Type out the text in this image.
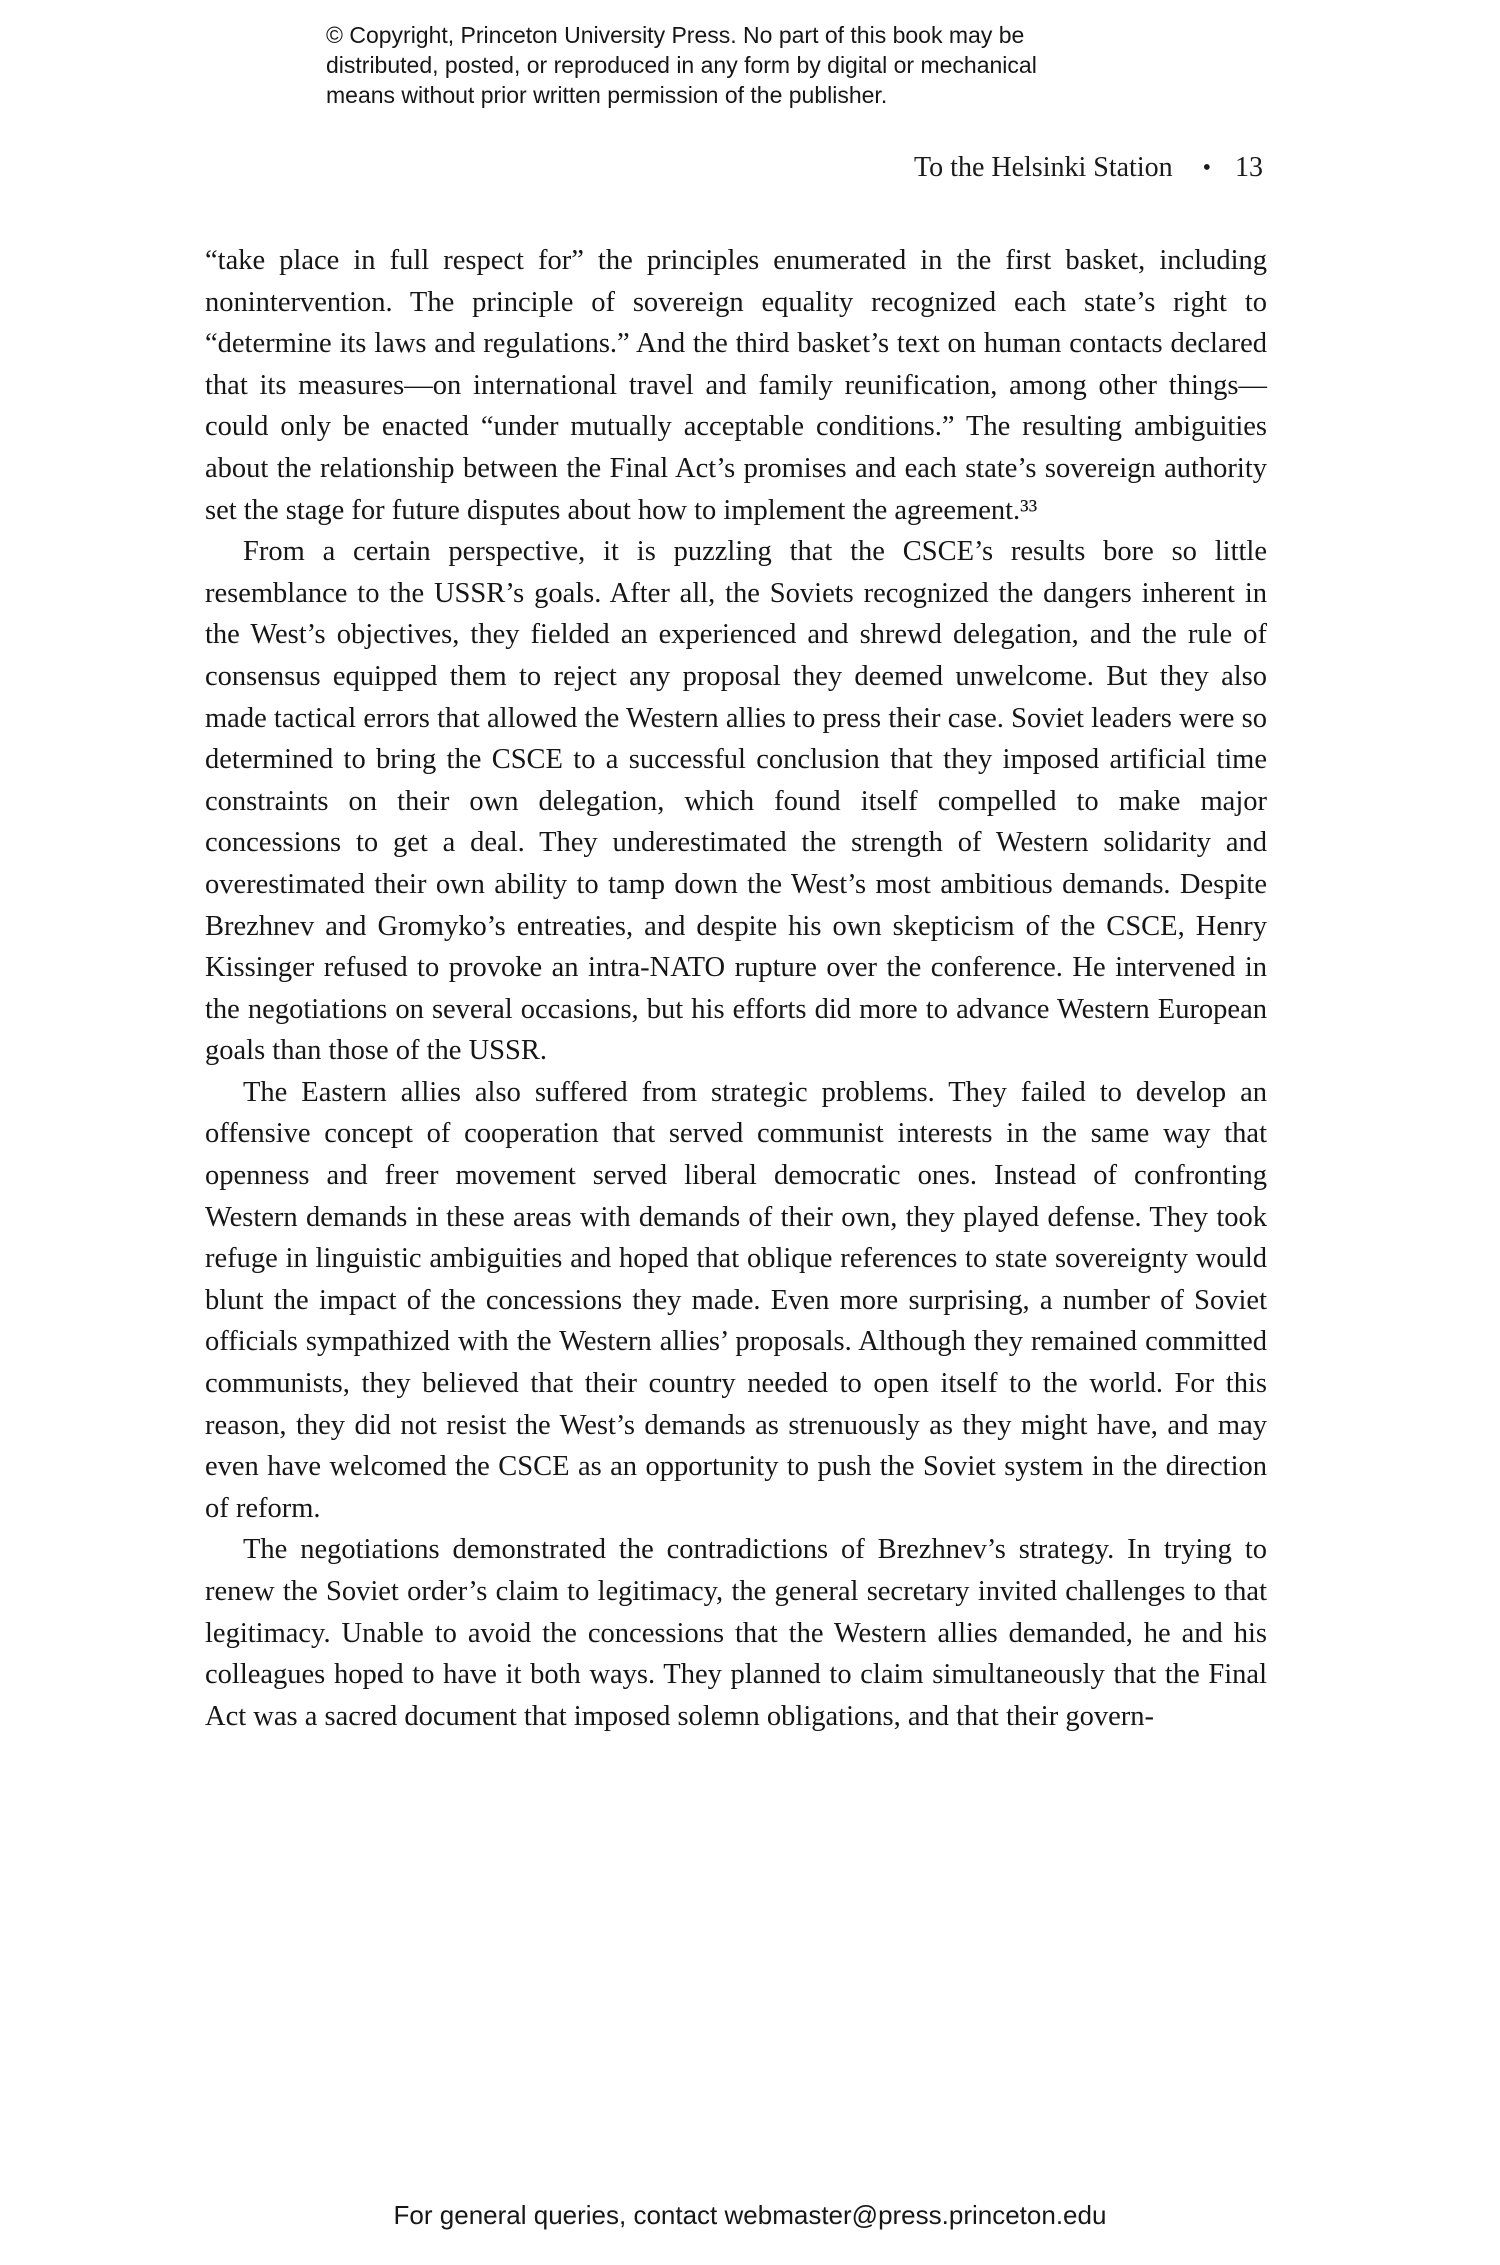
© Copyright, Princeton University Press. No part of this book may be
distributed, posted, or reproduced in any form by digital or mechanical
means without prior written permission of the publisher.
To the Helsinki Station • 13

“take place in full respect for” the principles enumerated in the first basket, including nonintervention. The principle of sovereign equality recognized each state’s right to “determine its laws and regulations.” And the third basket’s text on human contacts declared that its measures—on international travel and family reunification, among other things—could only be enacted “under mutually acceptable conditions.” The resulting ambiguities about the relationship between the Final Act’s promises and each state’s sovereign authority set the stage for future disputes about how to implement the agreement.³³

From a certain perspective, it is puzzling that the CSCE’s results bore so little resemblance to the USSR’s goals. After all, the Soviets recognized the dangers inherent in the West’s objectives, they fielded an experienced and shrewd delegation, and the rule of consensus equipped them to reject any proposal they deemed unwelcome. But they also made tactical errors that allowed the Western allies to press their case. Soviet leaders were so determined to bring the CSCE to a successful conclusion that they imposed artificial time constraints on their own delegation, which found itself compelled to make major concessions to get a deal. They underestimated the strength of Western solidarity and overestimated their own ability to tamp down the West’s most ambitious demands. Despite Brezhnev and Gromyko’s entreaties, and despite his own skepticism of the CSCE, Henry Kissinger refused to provoke an intra-NATO rupture over the conference. He intervened in the negotiations on several occasions, but his efforts did more to advance Western European goals than those of the USSR.

The Eastern allies also suffered from strategic problems. They failed to develop an offensive concept of cooperation that served communist interests in the same way that openness and freer movement served liberal democratic ones. Instead of confronting Western demands in these areas with demands of their own, they played defense. They took refuge in linguistic ambiguities and hoped that oblique references to state sovereignty would blunt the impact of the concessions they made. Even more surprising, a number of Soviet officials sympathized with the Western allies’ proposals. Although they remained committed communists, they believed that their country needed to open itself to the world. For this reason, they did not resist the West’s demands as strenuously as they might have, and may even have welcomed the CSCE as an opportunity to push the Soviet system in the direction of reform.

The negotiations demonstrated the contradictions of Brezhnev’s strategy. In trying to renew the Soviet order’s claim to legitimacy, the general secretary invited challenges to that legitimacy. Unable to avoid the concessions that the Western allies demanded, he and his colleagues hoped to have it both ways. They planned to claim simultaneously that the Final Act was a sacred document that imposed solemn obligations, and that their govern-

For general queries, contact webmaster@press.princeton.edu
